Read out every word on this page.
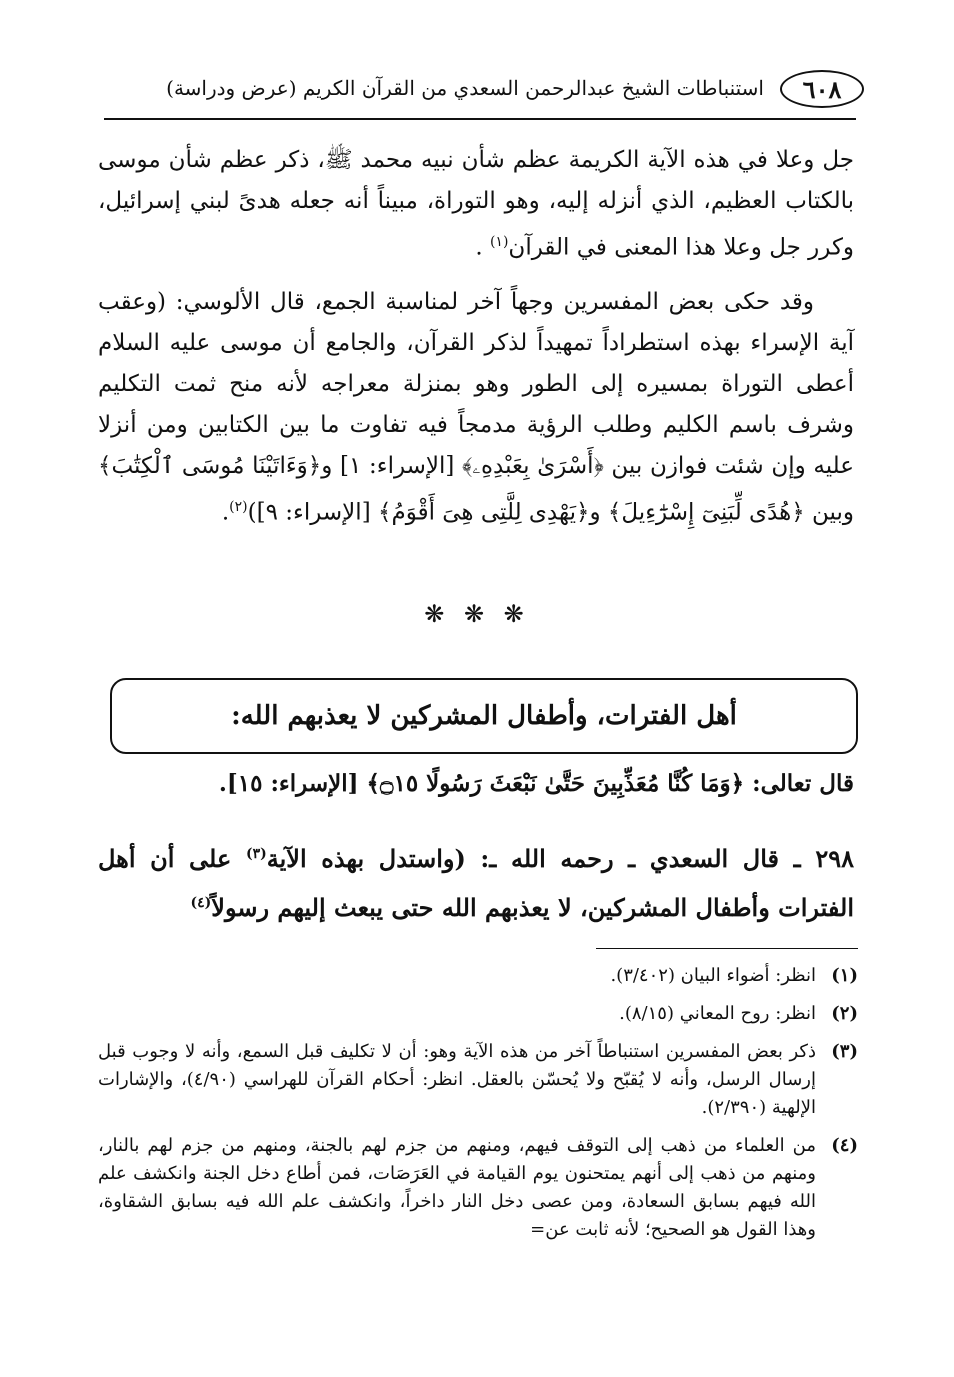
٦٠٨
استنباطات الشيخ عبدالرحمن السعدي من القرآن الكريم (عرض ودراسة)
جل وعلا في هذه الآية الكريمة عظم شأن نبيه محمد ﷺ، ذكر عظم شأن موسى بالكتاب العظيم، الذي أنزله إليه، وهو التوراة، مبيناً أنه جعله هدىً لبني إسرائيل، وكرر جل وعلا هذا المعنى في القرآن$^{(١)}$ .
وقد حكى بعض المفسرين وجهاً آخر لمناسبة الجمع، قال الألوسي: (وعقب آية الإسراء بهذه استطراداً تمهيداً لذكر القرآن، والجامع أن موسى عليه السلام أعطى التوراة بمسيره إلى الطور وهو بمنزلة معراجه لأنه منح ثمت التكليم وشرف باسم الكليم وطلب الرؤية مدمجاً فيه تفاوت ما بين الكتابين ومن أنزلا عليه وإن شئت فوازن بين ﴿أَسْرَىٰ بِعَبْدِهِۦ﴾ [الإسراء: ١] و﴿وَءَاتَيْنَا مُوسَى ٱلْكِتَٰبَ﴾ وبين ﴿هُدًى لِّبَنِىٓ إِسْرَٰٓءِيلَ﴾ و﴿يَهْدِى لِلَّتِى هِىَ أَقْوَمُ﴾ [الإسراء: ٩])$^{(٢)}$.
❋ ❋ ❋
أهل الفترات، وأطفال المشركين لا يعذبهم الله:
قال تعالى: ﴿وَمَا كُنَّا مُعَذِّبِينَ حَتَّىٰ نَبْعَثَ رَسُولًا ۝١٥﴾ [الإسراء: ١٥].
٢٩٨ ـ قال السعدي ـ رحمه الله ـ: (واستدل بهذه الآية$^{(٣)}$ على أن أهل الفترات وأطفال المشركين، لا يعذبهم الله حتى يبعث إليهم رسولاً$^{(٤)}$
(١)
انظر: أضواء البيان (٣/٤٠٢).
(٢)
انظر: روح المعاني (٨/١٥).
(٣)
ذكر بعض المفسرين استنباطاً آخر من هذه الآية وهو: أن لا تكليف قبل السمع، وأنه لا وجوب قبل إرسال الرسل، وأنه لا يُقبّح ولا يُحسّن بالعقل. انظر: أحكام القرآن للهراسي (٤/٩٠)، والإشارات الإلهية (٢/٣٩٠).
(٤)
من العلماء من ذهب إلى التوقف فيهم، ومنهم من جزم لهم بالجنة، ومنهم من جزم لهم بالنار، ومنهم من ذهب إلى أنهم يمتحنون يوم القيامة في العَرَصَات، فمن أطاع دخل الجنة وانكشف علم الله فيهم بسابق السعادة، ومن عصى دخل النار داخراً، وانكشف علم الله فيه بسابق الشقاوة، وهذا القول هو الصحيح؛ لأنه ثابت عن=
